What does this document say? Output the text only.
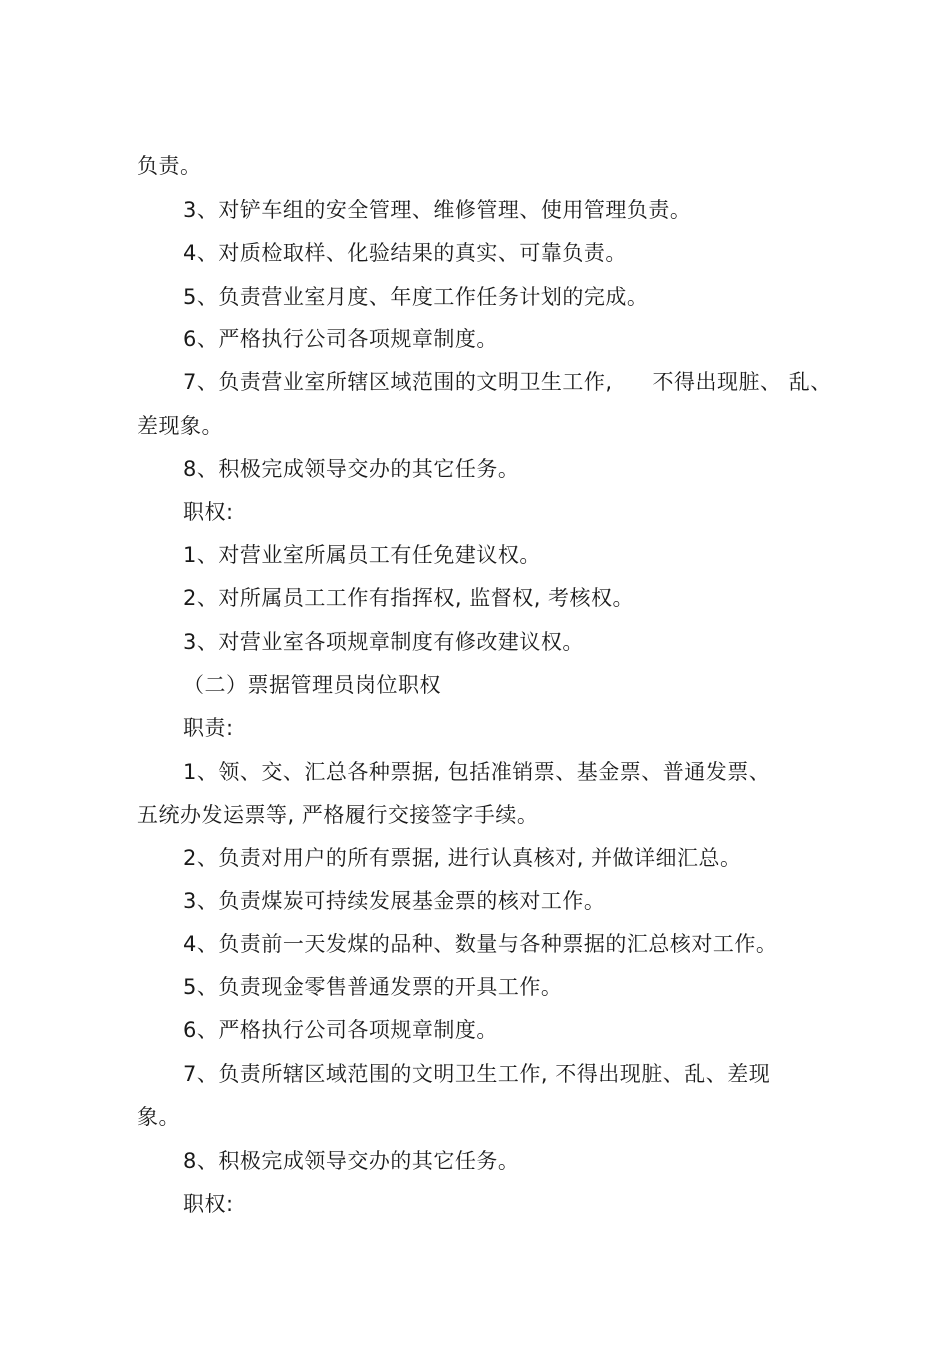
负责。
3、对铲车组的安全管理、维修管理、使用管理负责。
4、对质检取样、化验结果的真实、可靠负责。
5、负责营业室月度、年度工作任务计划的完成。
6、严格执行公司各项规章制度。
7、负责营业室所辖区域范围的文明卫生工作, 不得出现脏、 乱、
差现象。
8、积极完成领导交办的其它任务。
职权:
1、对营业室所属员工有任免建议权。
2、对所属员工工作有指挥权, 监督权, 考核权。
3、对营业室各项规章制度有修改建议权。
（二）票据管理员岗位职权
职责:
1、领、交、汇总各种票据, 包括准销票、基金票、普通发票、
五统办发运票等, 严格履行交接签字手续。
2、负责对用户的所有票据, 进行认真核对, 并做详细汇总。
3、负责煤炭可持续发展基金票的核对工作。
4、负责前一天发煤的品种、数量与各种票据的汇总核对工作。
5、负责现金零售普通发票的开具工作。
6、严格执行公司各项规章制度。
7、负责所辖区域范围的文明卫生工作, 不得出现脏、乱、差现
象。
8、积极完成领导交办的其它任务。
职权:
